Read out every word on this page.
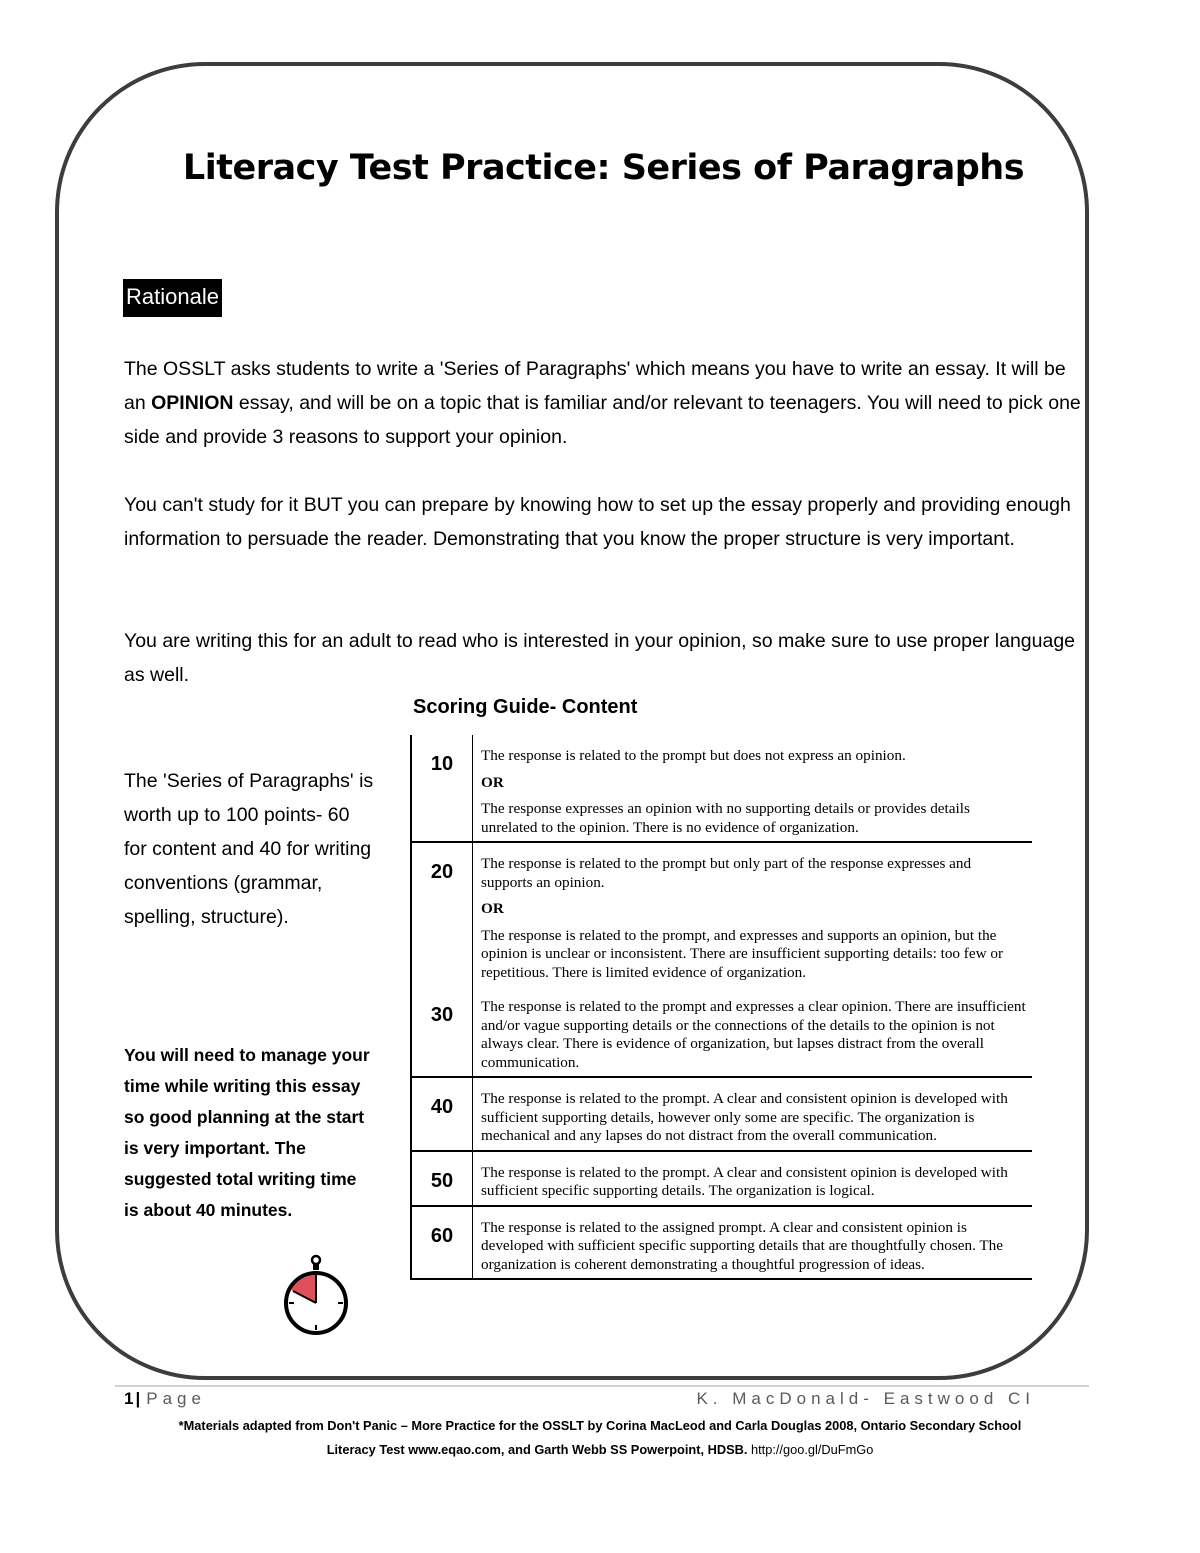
Literacy Test Practice: Series of Paragraphs
Rationale
The OSSLT asks students to write a 'Series of Paragraphs' which means you have to write an essay. It will be an OPINION essay, and will be on a topic that is familiar and/or relevant to teenagers. You will need to pick one side and provide 3 reasons to support your opinion.
You can't study for it BUT you can prepare by knowing how to set up the essay properly and providing enough information to persuade the reader. Demonstrating that you know the proper structure is very important.
You are writing this for an adult to read who is interested in your opinion, so make sure to use proper language as well.
Scoring Guide- Content
The 'Series of Paragraphs' is worth up to 100 points- 60 for content and 40 for writing conventions (grammar, spelling, structure).
You will need to manage your time while writing this essay so good planning at the start is very important. The suggested total writing time is about 40 minutes.
10	The response is related to the prompt but does not express an opinion.

OR

The response expresses an opinion with no supporting details or provides details unrelated to the opinion. There is no evidence of organization.

20	The response is related to the prompt but only part of the response expresses and supports an opinion.

OR

The response is related to the prompt, and expresses and supports an opinion, but the opinion is unclear or inconsistent. There are insufficient supporting details: too few or repetitious. There is limited evidence of organization.

30	The response is related to the prompt and expresses a clear opinion. There are insufficient and/or vague supporting details or the connections of the details to the opinion is not always clear. There is evidence of organization, but lapses distract from the overall communication.

40	The response is related to the prompt. A clear and consistent opinion is developed with sufficient supporting details, however only some are specific. The organization is mechanical and any lapses do not distract from the overall communication.

50	The response is related to the prompt. A clear and consistent opinion is developed with sufficient specific supporting details. The organization is logical.

60	The response is related to the assigned prompt. A clear and consistent opinion is developed with sufficient specific supporting details that are thoughtfully chosen. The organization is coherent demonstrating a thoughtful progression of ideas.

1 | Page	K. MacDonald- Eastwood CI
*Materials adapted from Don't Panic – More Practice for the OSSLT by Corina MacLeod and Carla Douglas 2008, Ontario Secondary School
Literacy Test www.eqao.com, and Garth Webb SS Powerpoint, HDSB. http://goo.gl/DuFmGo
